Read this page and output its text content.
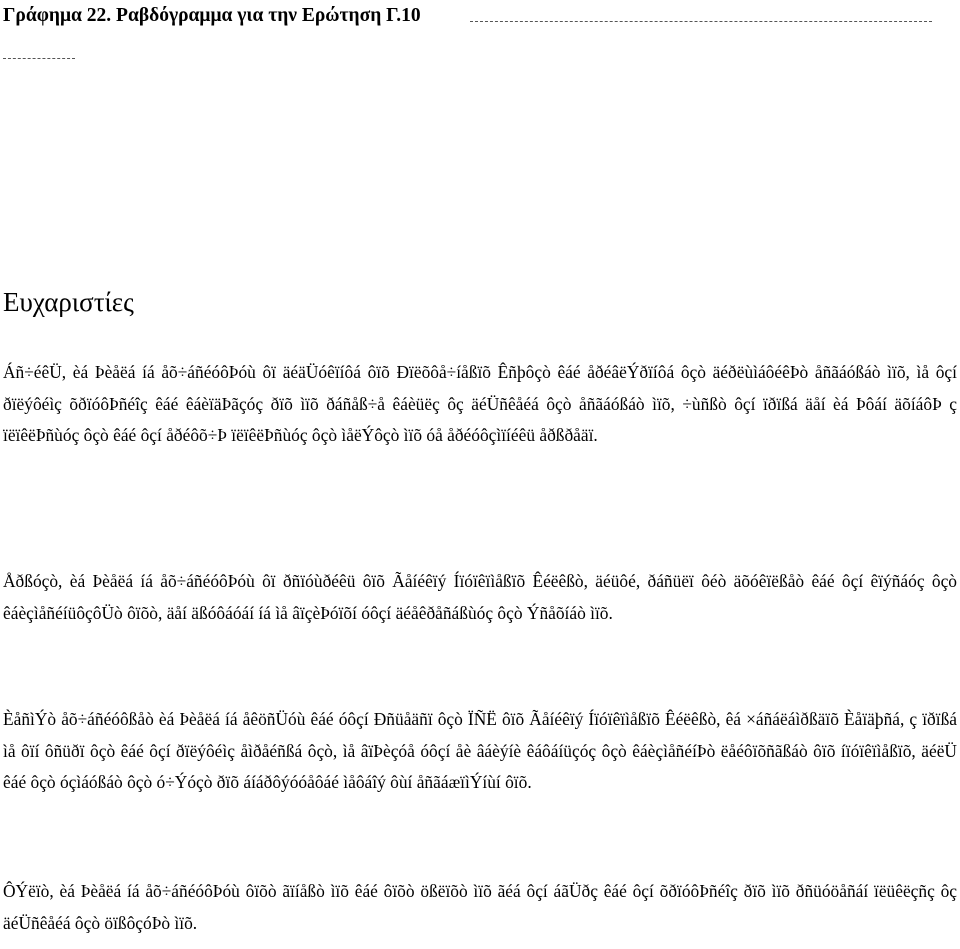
Γράφημα 22. Ραβδόγραμμα για την Ερώτηση Γ.10
Ευχαριστίες

Áñ÷éêÜ, èá Þèåëá íá åõ÷áñéóôÞóù ôï äéäÜóêïíôá ôïõ Ðïëõôå÷íåßïõ Êñþôçò êáé åðéâëÝðïíôá ôçò äéðëùìáôéêÞò åñãáóßáò ìïõ, ìå ôçí ðïëýôéìç õðïóôÞñéîç êáé êáèïäÞãçóç ðïõ ìïõ ðáñåß÷å êáèüëç ôç äéÜñêåéá ôçò åñãáóßáò ìïõ, ÷ùñßò ôçí ïðïßá äåí èá Þôáí äõíáôÞ ç ïëïêëÞñùóç ôçò êáé ôçí åðéôõ÷Þ ïëïêëÞñùóç ôçò ìåëÝôçò ìïõ óå åðéóôçìïíéêü åðßðåäï.

Åðßóçò, èá Þèåëá íá åõ÷áñéóôÞóù ôï ðñïóùðéêü ôïõ Ãåíéêïý Íïóïêïìåßïõ Êéëêßò, äéüôé, ðáñüëï ôéò äõóêïëßåò êáé ôçí êïýñáóç ôçò êáèçìåñéíüôçôÜò ôïõò, äåí äßóôáóáí íá ìå âïçèÞóïõí óôçí äéåêðåñáßùóç ôçò Ýñåõíáò ìïõ.

ÈåñìÝò åõ÷áñéóôßåò èá Þèåëá íá åêöñÜóù êáé óôçí Ðñüåäñï ôçò ÏÑË ôïõ Ãåíéêïý Íïóïêïìåßïõ Êéëêßò, êá ×áñáëáìðßäïõ Èåïäþñá, ç ïðïßá ìå ôïí ôñüðï ôçò êáé ôçí ðïëýôéìç åìðåéñßá ôçò, ìå âïÞèçóå óôçí åè âáèýíè êáôáíüçóç ôçò êáèçìåñéíÞò ëåéôïõñãßáò ôïõ íïóïêïìåßïõ, äéëÜ êáé ôçò óçìáóßáò ôçò ó÷Ýóçò ðïõ áíáðôýóóåôáé ìåôáîý ôùí åñãáæïìÝíùí ôïõ.

ÔÝëïò, èá Þèåëá íá åõ÷áñéóôÞóù ôïõò ãïíåßò ìïõ êáé ôïõò ößëïõò ìïõ ãéá ôçí áãÜðç êáé ôçí õðïóôÞñéîç ðïõ ìïõ ðñüóöåñáí ïëüêëçñç ôç äéÜñêåéá ôçò öïßôçóÞò ìïõ.
